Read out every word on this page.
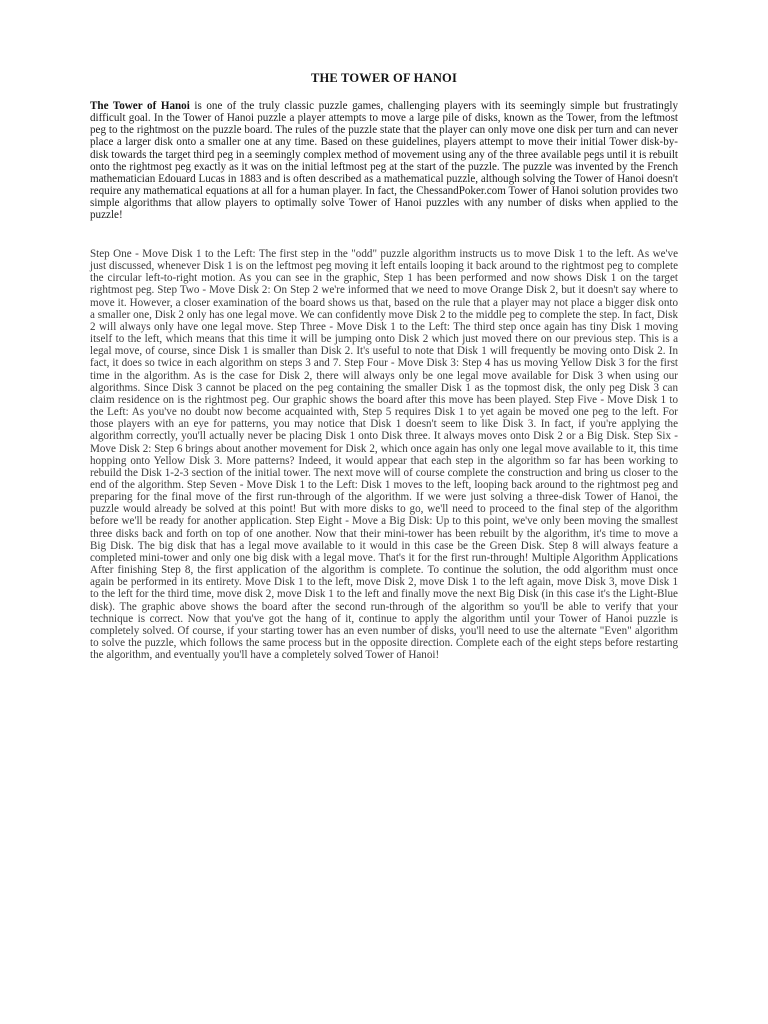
THE TOWER OF HANOI

The Tower of Hanoi is one of the truly classic puzzle games, challenging players with its seemingly simple but frustratingly difficult goal. In the Tower of Hanoi puzzle a player attempts to move a large pile of disks, known as the Tower, from the leftmost peg to the rightmost on the puzzle board. The rules of the puzzle state that the player can only move one disk per turn and can never place a larger disk onto a smaller one at any time. Based on these guidelines, players attempt to move their initial Tower disk-by-disk towards the target third peg in a seemingly complex method of movement using any of the three available pegs until it is rebuilt onto the rightmost peg exactly as it was on the initial leftmost peg at the start of the puzzle. The puzzle was invented by the French mathematician Edouard Lucas in 1883 and is often described as a mathematical puzzle, although solving the Tower of Hanoi doesn't require any mathematical equations at all for a human player. In fact, the ChessandPoker.com Tower of Hanoi solution provides two simple algorithms that allow players to optimally solve Tower of Hanoi puzzles with any number of disks when applied to the puzzle!

Step One - Move Disk 1 to the Left: The first step in the "odd" puzzle algorithm instructs us to move Disk 1 to the left. As we've just discussed, whenever Disk 1 is on the leftmost peg moving it left entails looping it back around to the rightmost peg to complete the circular left-to-right motion. As you can see in the graphic, Step 1 has been performed and now shows Disk 1 on the target rightmost peg. Step Two - Move Disk 2: On Step 2 we're informed that we need to move Orange Disk 2, but it doesn't say where to move it. However, a closer examination of the board shows us that, based on the rule that a player may not place a bigger disk onto a smaller one, Disk 2 only has one legal move. We can confidently move Disk 2 to the middle peg to complete the step. In fact, Disk 2 will always only have one legal move. Step Three - Move Disk 1 to the Left: The third step once again has tiny Disk 1 moving itself to the left, which means that this time it will be jumping onto Disk 2 which just moved there on our previous step. This is a legal move, of course, since Disk 1 is smaller than Disk 2. It's useful to note that Disk 1 will frequently be moving onto Disk 2. In fact, it does so twice in each algorithm on steps 3 and 7. Step Four - Move Disk 3: Step 4 has us moving Yellow Disk 3 for the first time in the algorithm. As is the case for Disk 2, there will always only be one legal move available for Disk 3 when using our algorithms. Since Disk 3 cannot be placed on the peg containing the smaller Disk 1 as the topmost disk, the only peg Disk 3 can claim residence on is the rightmost peg. Our graphic shows the board after this move has been played. Step Five - Move Disk 1 to the Left: As you've no doubt now become acquainted with, Step 5 requires Disk 1 to yet again be moved one peg to the left. For those players with an eye for patterns, you may notice that Disk 1 doesn't seem to like Disk 3. In fact, if you're applying the algorithm correctly, you'll actually never be placing Disk 1 onto Disk three. It always moves onto Disk 2 or a Big Disk. Step Six - Move Disk 2: Step 6 brings about another movement for Disk 2, which once again has only one legal move available to it, this time hopping onto Yellow Disk 3. More patterns? Indeed, it would appear that each step in the algorithm so far has been working to rebuild the Disk 1-2-3 section of the initial tower. The next move will of course complete the construction and bring us closer to the end of the algorithm. Step Seven - Move Disk 1 to the Left: Disk 1 moves to the left, looping back around to the rightmost peg and preparing for the final move of the first run-through of the algorithm. If we were just solving a three-disk Tower of Hanoi, the puzzle would already be solved at this point! But with more disks to go, we'll need to proceed to the final step of the algorithm before we'll be ready for another application. Step Eight - Move a Big Disk: Up to this point, we've only been moving the smallest three disks back and forth on top of one another. Now that their mini-tower has been rebuilt by the algorithm, it's time to move a Big Disk. The big disk that has a legal move available to it would in this case be the Green Disk. Step 8 will always feature a completed mini-tower and only one big disk with a legal move. That's it for the first run-through! Multiple Algorithm Applications After finishing Step 8, the first application of the algorithm is complete. To continue the solution, the odd algorithm must once again be performed in its entirety. Move Disk 1 to the left, move Disk 2, move Disk 1 to the left again, move Disk 3, move Disk 1 to the left for the third time, move disk 2, move Disk 1 to the left and finally move the next Big Disk (in this case it's the Light-Blue disk). The graphic above shows the board after the second run-through of the algorithm so you'll be able to verify that your technique is correct. Now that you've got the hang of it, continue to apply the algorithm until your Tower of Hanoi puzzle is completely solved. Of course, if your starting tower has an even number of disks, you'll need to use the alternate "Even" algorithm to solve the puzzle, which follows the same process but in the opposite direction. Complete each of the eight steps before restarting the algorithm, and eventually you'll have a completely solved Tower of Hanoi!
